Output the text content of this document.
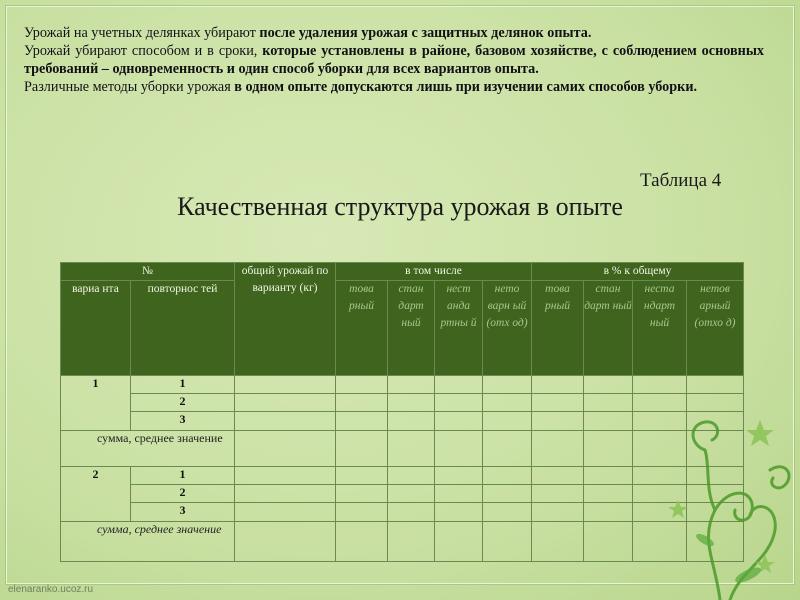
Урожай на учетных делянках убирают после удаления урожая с защитных делянок опыта.

Урожай убирают способом и в сроки, которые установлены в районе, базовом хозяйстве, с соблюдением основных требований – одновременность и один способ уборки для всех вариантов опыта.

Различные методы уборки урожая в одном опыте допускаются лишь при изучении самих способов уборки.

Таблица 4
Качественная структура урожая в опыте
№		общий урожай по варианту (кг)	в том числе				в % к общему			
вариа нта	повторнос тей		това рный	стан дарт ный	нест анда ртны й	нето варн ый (отх од)	това рный	стан дарт ный	неста ндарт ный	нетов арный (отхо д)
1	1									
	2									
	3									
сумма, среднее значение										
2	1									
	2									
	3									
сумма, среднее значение										
elenaranko.ucoz.ru
